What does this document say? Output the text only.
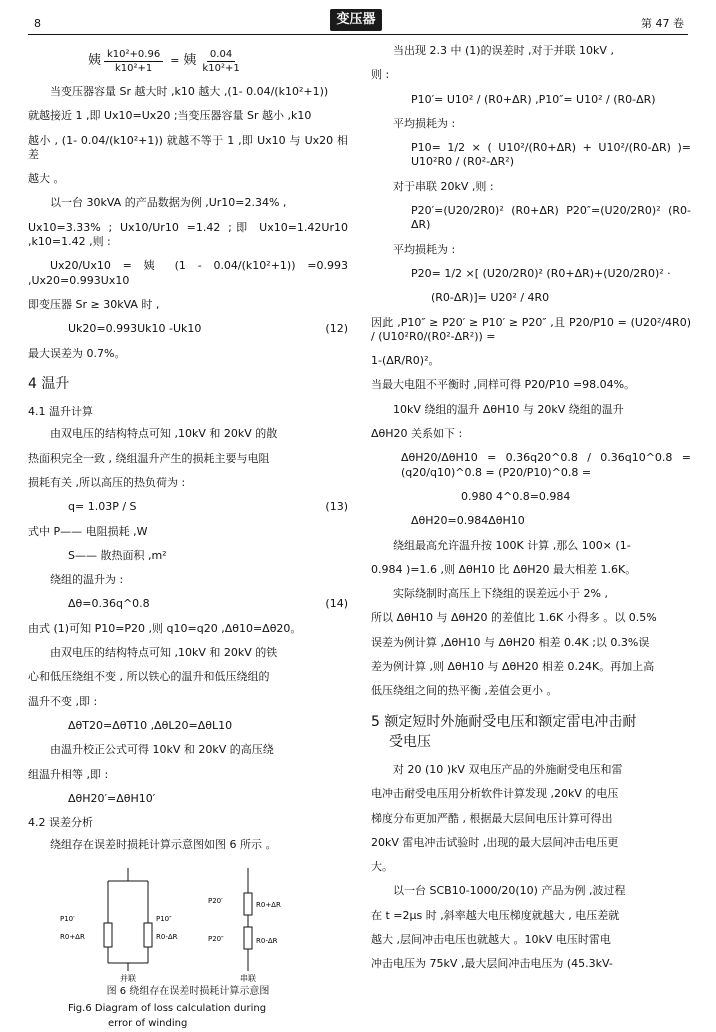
8	变压器	第 47 卷
姨 $\frac{\text{k10²+0.96}}{\text{k10²+1}}$ = 姨 $\frac{0.04}{\text{k10²+1}}$

当变压器容量 Sr 越大时 ,k10 越大 ,(1- 0.04/(k10²+1))

就越接近 1 ,即 Ux10=Ux20 ;当变压器容量 Sr 越小 ,k10

越小 , (1- 0.04/(k10²+1)) 就越不等于 1 ,即 Ux10 与 Ux20 相差

越大 。

以一台 30kVA 的产品数据为例 ,Ur10=2.34% ,

Ux10=3.33% ; Ux10/Ur10 =1.42 ;即 Ux10=1.42Ur10 ,k10=1.42 ,则 :

Ux20/Ux10 = 姨 (1 - 0.04/(k10²+1)) =0.993 ,Ux20=0.993Ux10

即变压器 Sr ≥ 30kVA 时 ,

Uk20=0.993Uk10 -Uk10	(12)

最大误差为 0.7%。

4 温升
4.1 温升计算

由双电压的结构特点可知 ,10kV 和 20kV 的散

热面积完全一致 , 绕组温升产生的损耗主要与电阻

损耗有关 ,所以高压的热负荷为 :

q= 1.03P / S	(13)

式中 P—— 电阻损耗 ,W

S—— 散热面积 ,m²

绕组的温升为 :

Δθ=0.36q^0.8	(14)

由式 (1)可知 P10=P20 ,则 q10=q20 ,Δθ10=Δθ20。

由双电压的结构特点可知 ,10kV 和 20kV 的铁

心和低压绕组不变 , 所以铁心的温升和低压绕组的

温升不变 ,即 :

ΔθT20=ΔθT10 ,ΔθL20=ΔθL10

由温升校正公式可得 10kV 和 20kV 的高压绕

组温升相等 ,即 :

ΔθH20′=ΔθH10′

4.2 误差分析

绕组存在误差时损耗计算示意图如图 6 所示 。

P10′
R0+ΔR
P10″
R0-ΔR
P20′	R0+ΔR
P20″	R0-ΔR
并联	串联
图 6 绕组存在误差时损耗计算示意图
Fig.6 Diagram of loss calculation during
error of winding

当出现 2.3 中 (1)的误差时 ,对于并联 10kV ,

则 :

P10′= U10² / (R0+ΔR) ,P10″= U10² / (R0-ΔR)

平均损耗为 :

P10= 1/2 × ( U10²/(R0+ΔR) + U10²/(R0-ΔR) )= U10²R0 / (R0²-ΔR²)

对于串联 20kV ,则 :

P20′=(U20/2R0)² (R0+ΔR) P20″=(U20/2R0)² (R0-ΔR)

平均损耗为 :

P20= 1/2 ×[ (U20/2R0)² (R0+ΔR)+(U20/2R0)² ·

(R0-ΔR)]= U20² / 4R0

因此 ,P10″ ≥ P20′ ≥ P10′ ≥ P20″ ,且 P20/P10 = (U20²/4R0) / (U10²R0/(R0²-ΔR²)) =

1-(ΔR/R0)²。

当最大电阻不平衡时 ,同样可得 P20/P10 =98.04%。

10kV 绕组的温升 ΔθH10 与 20kV 绕组的温升

ΔθH20 关系如下 :

ΔθH20/ΔθH10 = 0.36q20^0.8 / 0.36q10^0.8 = (q20/q10)^0.8 = (P20/P10)^0.8 =

0.980 4^0.8=0.984

ΔθH20=0.984ΔθH10

绕组最高允许温升按 100K 计算 ,那么 100× (1-

0.984 )=1.6 ,则 ΔθH10 比 ΔθH20 最大相差 1.6K。

实际绕制时高压上下绕组的误差远小于 2% ,

所以 ΔθH10 与 ΔθH20 的差值比 1.6K 小得多 。以 0.5%

误差为例计算 ,ΔθH10 与 ΔθH20 相差 0.4K ;以 0.3%误

差为例计算 ,则 ΔθH10 与 ΔθH20 相差 0.24K。再加上高

低压绕组之间的热平衡 ,差值会更小 。

5 额定短时外施耐受电压和额定雷电冲击耐
受电压

对 20 (10 )kV 双电压产品的外施耐受电压和雷

电冲击耐受电压用分析软件计算发现 ,20kV 的电压

梯度分布更加严酷 , 根据最大层间电压计算可得出

20kV 雷电冲击试验时 ,出现的最大层间冲击电压更

大。

以一台 SCB10-1000/20(10) 产品为例 ,波过程

在 t =2μs 时 ,斜率越大电压梯度就越大 , 电压差就

越大 ,层间冲击电压也就越大 。10kV 电压时雷电

冲击电压为 75kV ,最大层间冲击电压为 (45.3kV-
